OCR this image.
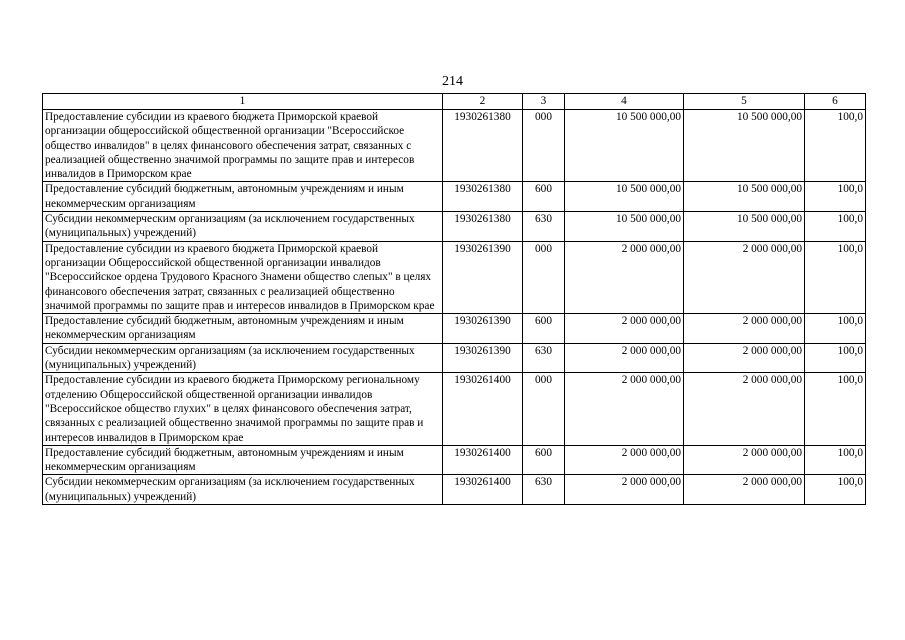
214
1	2	3	4	5	6
Предоставление субсидии из краевого бюджета Приморской краевой организации общероссийской общественной организации "Всероссийское общество инвалидов" в целях финансового обеспечения затрат, связанных с реализацией общественно значимой программы по защите прав и интересов инвалидов в Приморском крае	1930261380	000	10 500 000,00	10 500 000,00	100,0
Предоставление субсидий бюджетным, автономным учреждениям и иным некоммерческим организациям	1930261380	600	10 500 000,00	10 500 000,00	100,0
Субсидии некоммерческим организациям (за исключением государственных (муниципальных) учреждений)	1930261380	630	10 500 000,00	10 500 000,00	100,0
Предоставление субсидии из краевого бюджета Приморской краевой организации Общероссийской общественной организации инвалидов "Всероссийское ордена Трудового Красного Знамени общество слепых" в целях финансового обеспечения затрат, связанных с реализацией общественно значимой программы по защите прав и интересов инвалидов в Приморском крае	1930261390	000	2 000 000,00	2 000 000,00	100,0
Предоставление субсидий бюджетным, автономным учреждениям и иным некоммерческим организациям	1930261390	600	2 000 000,00	2 000 000,00	100,0
Субсидии некоммерческим организациям (за исключением государственных (муниципальных) учреждений)	1930261390	630	2 000 000,00	2 000 000,00	100,0
Предоставление субсидии из краевого бюджета Приморскому региональному отделению Общероссийской общественной организации инвалидов "Всероссийское общество глухих" в целях финансового обеспечения затрат, связанных с реализацией общественно значимой программы по защите прав и интересов инвалидов в Приморском крае	1930261400	000	2 000 000,00	2 000 000,00	100,0
Предоставление субсидий бюджетным, автономным учреждениям и иным некоммерческим организациям	1930261400	600	2 000 000,00	2 000 000,00	100,0
Субсидии некоммерческим организациям (за исключением государственных (муниципальных) учреждений)	1930261400	630	2 000 000,00	2 000 000,00	100,0
